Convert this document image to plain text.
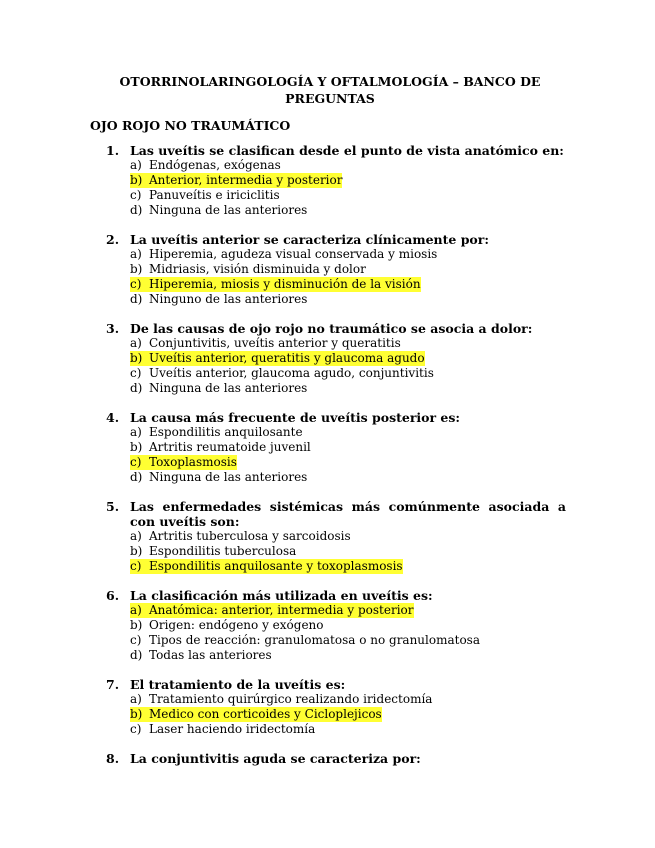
OTORRINOLARINGOLOGÍA Y OFTALMOLOGÍA – BANCO DE PREGUNTAS
OJO ROJO NO TRAUMÁTICO
1. Las uveítis se clasifican desde el punto de vista anatómico en:
a) Endógenas, exógenas
b) Anterior, intermedia y posterior
c) Panuveítis e iriciclitis
d) Ninguna de las anteriores
2. La uveítis anterior se caracteriza clínicamente por:
a) Hiperemia, agudeza visual conservada y miosis
b) Midriasis, visión disminuida y dolor
c) Hiperemia, miosis y disminución de la visión
d) Ninguno de las anteriores
3. De las causas de ojo rojo no traumático se asocia a dolor:
a) Conjuntivitis, uveítis anterior y queratitis
b) Uveítis anterior, queratitis y glaucoma agudo
c) Uveítis anterior, glaucoma agudo, conjuntivitis
d) Ninguna de las anteriores
4. La causa más frecuente de uveítis posterior es:
a) Espondilitis anquilosante
b) Artritis reumatoide juvenil
c) Toxoplasmosis
d) Ninguna de las anteriores
5. Las enfermedades sistémicas más comúnmente asociada a con uveítis son:
a) Artritis tuberculosa y sarcoidosis
b) Espondilitis tuberculosa
c) Espondilitis anquilosante y toxoplasmosis
6. La clasificación más utilizada en uveítis es:
a) Anatómica: anterior, intermedia y posterior
b) Origen: endógeno y exógeno
c) Tipos de reacción: granulomatosa o no granulomatosa
d) Todas las anteriores
7. El tratamiento de la uveítis es:
a) Tratamiento quirúrgico realizando iridectomía
b) Medico con corticoides y Cicloplejicos
c) Laser haciendo iridectomía
8. La conjuntivitis aguda se caracteriza por:
